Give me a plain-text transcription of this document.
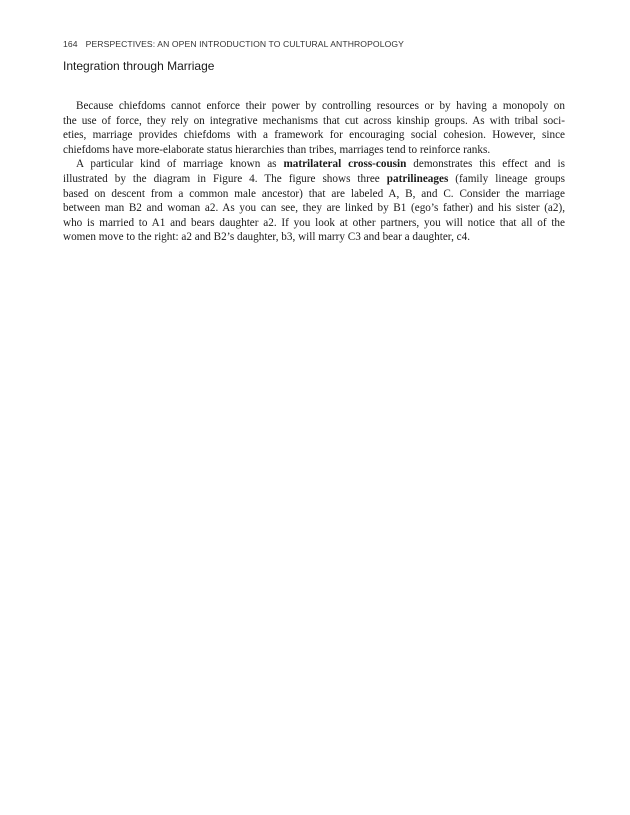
164 PERSPECTIVES: AN OPEN INTRODUCTION TO CULTURAL ANTHROPOLOGY
Integration through Marriage
Because chiefdoms cannot enforce their power by controlling resources or by having a monopoly on
the use of force, they rely on integrative mechanisms that cut across kinship groups. As with tribal soci-
eties, marriage provides chiefdoms with a framework for encouraging social cohesion. However, since
chiefdoms have more-elaborate status hierarchies than tribes, marriages tend to reinforce ranks.
A particular kind of marriage known as matrilateral cross-cousin demonstrates this effect and is
illustrated by the diagram in Figure 4. The figure shows three patrilineages (family lineage groups
based on descent from a common male ancestor) that are labeled A, B, and C. Consider the marriage
between man B2 and woman a2. As you can see, they are linked by B1 (ego’s father) and his sister (a2),
who is married to A1 and bears daughter a2. If you look at other partners, you will notice that all of the
women move to the right: a2 and B2’s daughter, b3, will marry C3 and bear a daughter, c4.
